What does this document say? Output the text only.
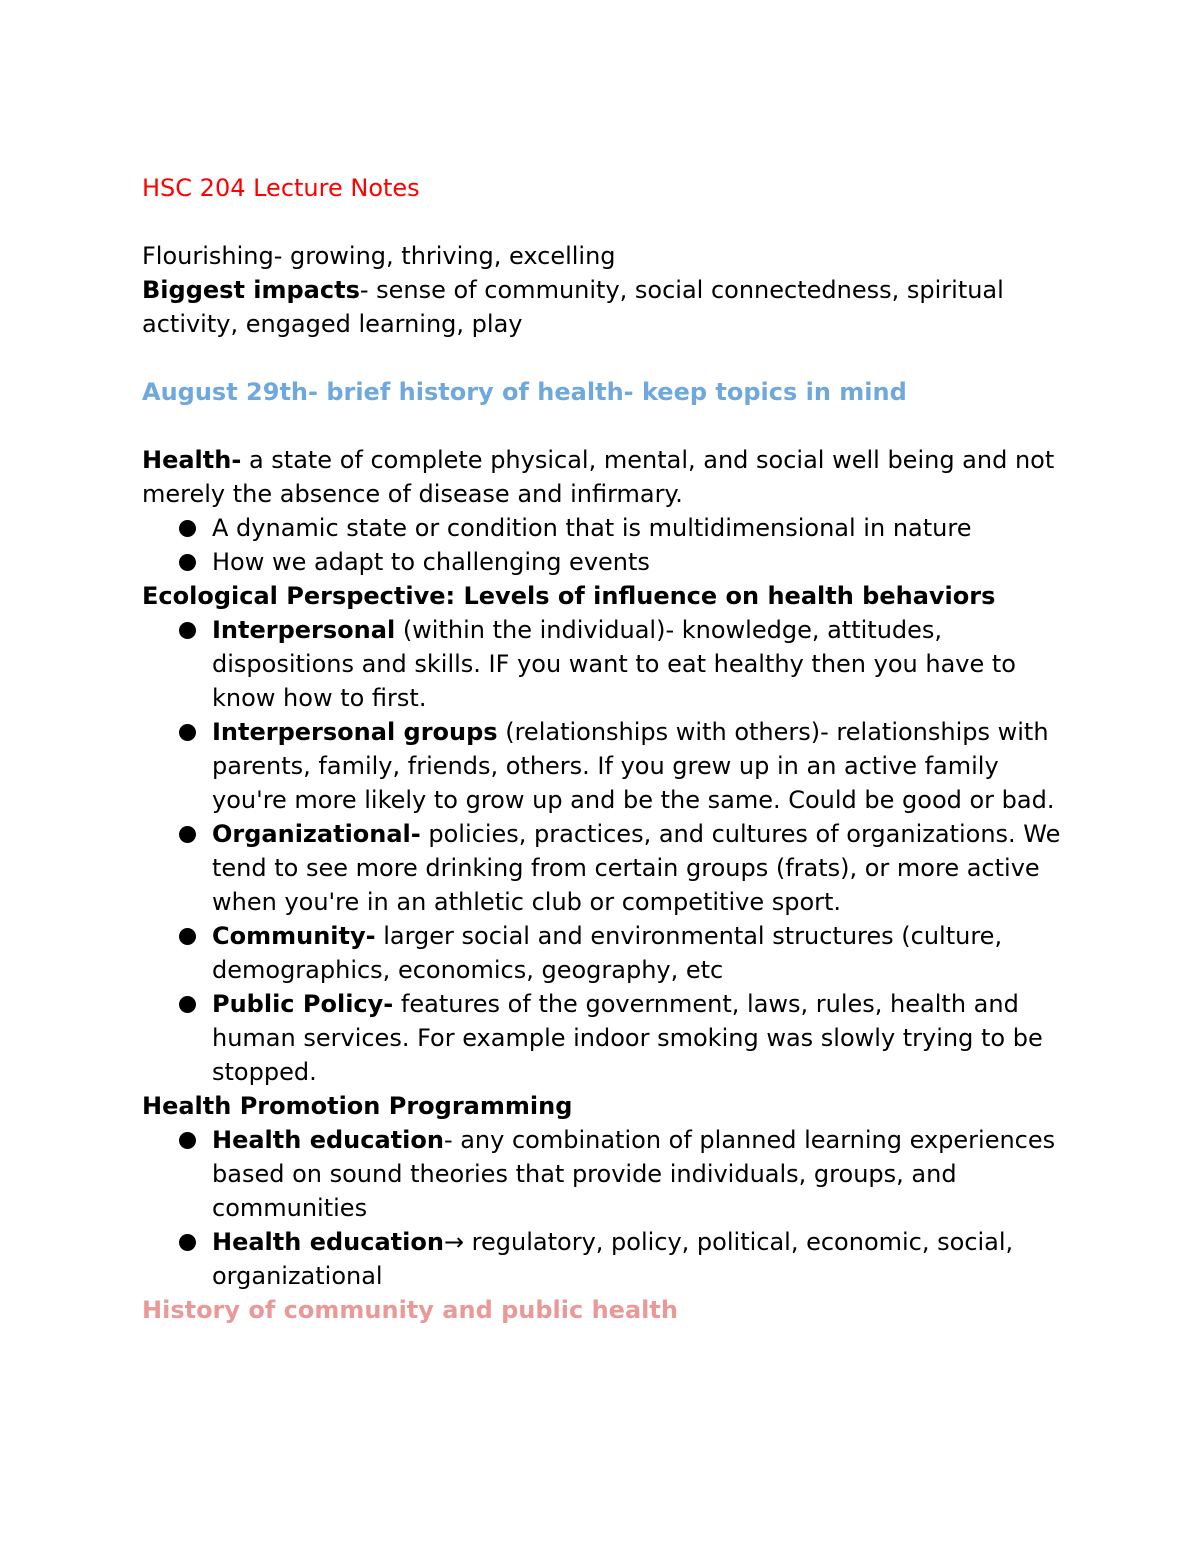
HSC 204 Lecture Notes

Flourishing- growing, thriving, excelling

Biggest impacts- sense of community, social connectedness, spiritual activity, engaged learning, play

August 29th- brief history of health- keep topics in mind

Health- a state of complete physical, mental, and social well being and not merely the absence of disease and infirmary.

A dynamic state or condition that is multidimensional in nature
How we adapt to challenging events

Ecological Perspective: Levels of influence on health behaviors

Interpersonal (within the individual)- knowledge, attitudes, dispositions and skills. IF you want to eat healthy then you have to know how to first.
Interpersonal groups (relationships with others)- relationships with parents, family, friends, others. If you grew up in an active family you're more likely to grow up and be the same. Could be good or bad.
Organizational- policies, practices, and cultures of organizations. We tend to see more drinking from certain groups (frats), or more active when you're in an athletic club or competitive sport.
Community- larger social and environmental structures (culture, demographics, economics, geography, etc
Public Policy- features of the government, laws, rules, health and human services. For example indoor smoking was slowly trying to be stopped.

Health Promotion Programming

Health education- any combination of planned learning experiences based on sound theories that provide individuals, groups, and communities
Health education→ regulatory, policy, political, economic, social, organizational

History of community and public health
